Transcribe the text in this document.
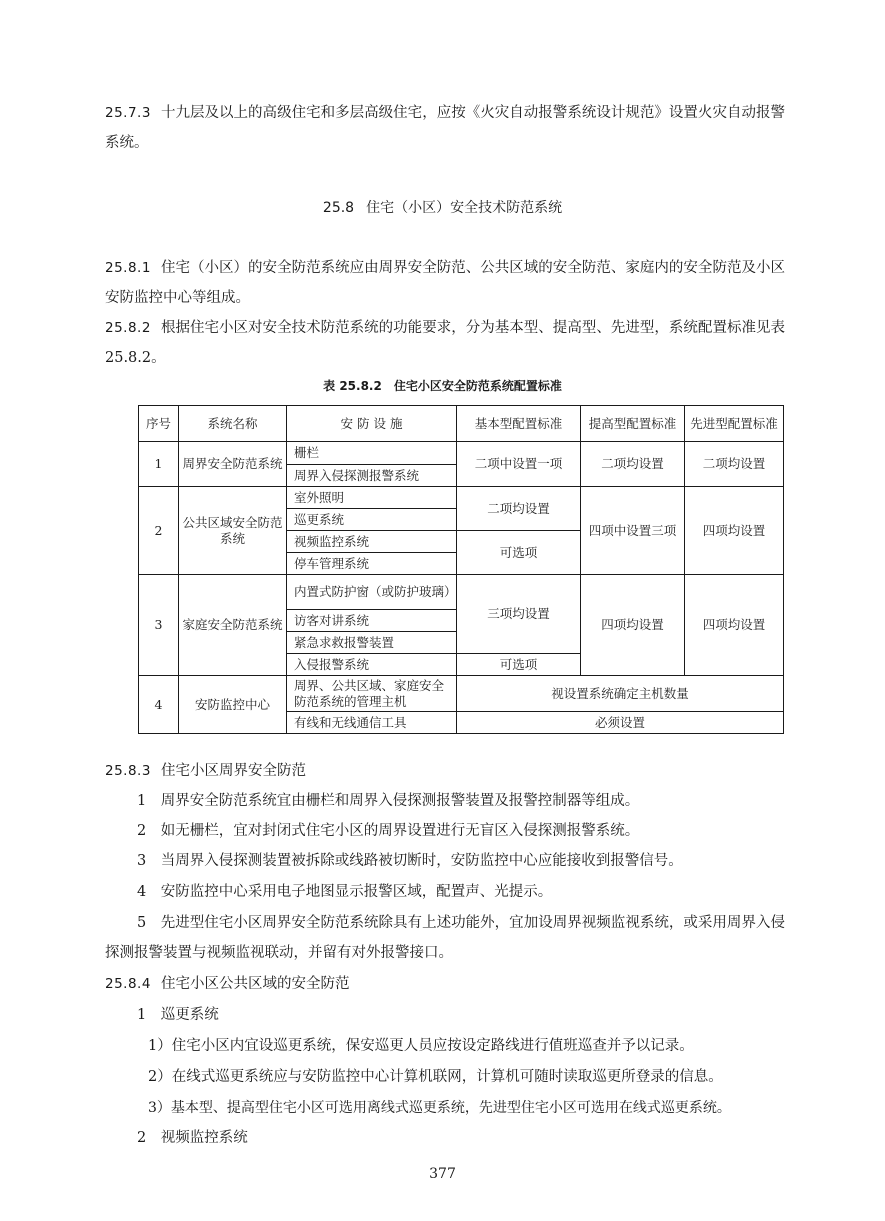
25.7.3 十九层及以上的高级住宅和多层高级住宅，应按《火灾自动报警系统设计规范》设置火灾自动报警系统。

25.8 住宅（小区）安全技术防范系统

25.8.1 住宅（小区）的安全防范系统应由周界安全防范、公共区域的安全防范、家庭内的安全防范及小区安防监控中心等组成。

25.8.2 根据住宅小区对安全技术防范系统的功能要求，分为基本型、提高型、先进型，系统配置标准见表 25.8.2。

表 25.8.2　住宅小区安全防范系统配置标准

序号	系统名称	安 防 设 施	基本型配置标准	提高型配置标准	先进型配置标准
1	周界安全防范系统	栅栏	二项中设置一项	二项均设置	二项均设置
		周界入侵探测报警系统			
2	公共区域安全防范系统	室外照明	二项均设置	四项中设置三项	四项均设置
		巡更系统			
		视频监控系统	可选项		
		停车管理系统			
3	家庭安全防范系统	内置式防护窗（或防护玻璃）	三项均设置	四项均设置	四项均设置
		访客对讲系统			
		紧急求救报警装置			
		入侵报警系统	可选项		
4	安防监控中心	周界、公共区域、家庭安全防范系统的管理主机	视设置系统确定主机数量		
		有线和无线通信工具	必须设置		

25.8.3 住宅小区周界安全防范

1　周界安全防范系统宜由栅栏和周界入侵探测报警装置及报警控制器等组成。

2　如无栅栏，宜对封闭式住宅小区的周界设置进行无盲区入侵探测报警系统。

3　当周界入侵探测装置被拆除或线路被切断时，安防监控中心应能接收到报警信号。

4　安防监控中心采用电子地图显示报警区域，配置声、光提示。

5　先进型住宅小区周界安全防范系统除具有上述功能外，宜加设周界视频监视系统，或采用周界入侵探测报警装置与视频监视联动，并留有对外报警接口。

25.8.4 住宅小区公共区域的安全防范

1　巡更系统

1）住宅小区内宜设巡更系统，保安巡更人员应按设定路线进行值班巡查并予以记录。

2）在线式巡更系统应与安防监控中心计算机联网，计算机可随时读取巡更所登录的信息。

3）基本型、提高型住宅小区可选用离线式巡更系统，先进型住宅小区可选用在线式巡更系统。

2　视频监控系统

377
